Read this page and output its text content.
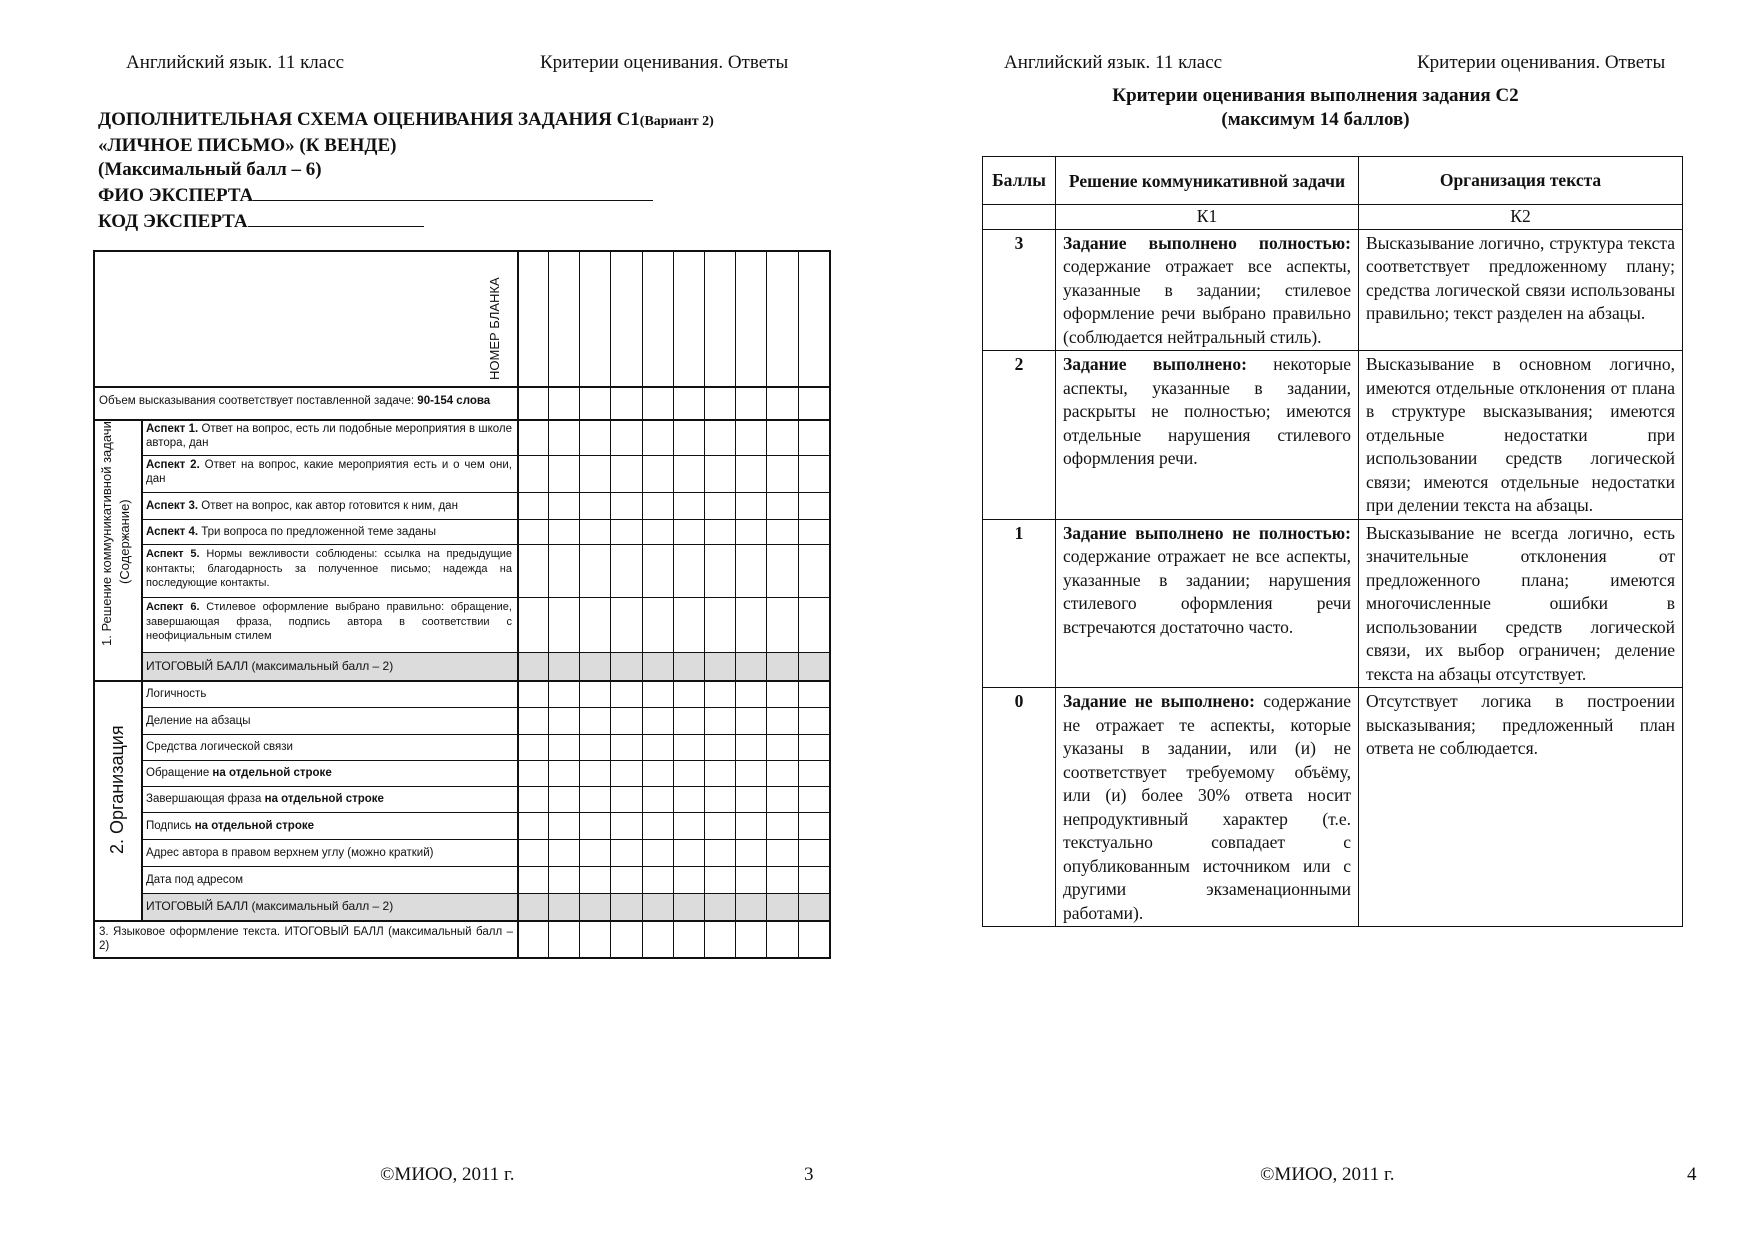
Английский язык. 11 класс	Критерии оценивания. Ответы
ДОПОЛНИТЕЛЬНАЯ СХЕМА ОЦЕНИВАНИЯ ЗАДАНИЯ С1(Вариант 2)
«ЛИЧНОЕ ПИСЬМО» (К ВЕНДЕ)
(Максимальный балл – 6)
ФИО ЭКСПЕРТА
КОД ЭКСПЕРТА
НОМЕР БЛАНКА
Объем высказывания соответствует поставленной задаче: 90-154 слова
1. Решение коммуникативной задачи (Содержание)
Аспект 1. Ответ на вопрос, есть ли подобные мероприятия в школе автора, дан
Аспект 2. Ответ на вопрос, какие мероприятия есть и о чем они, дан
Аспект 3. Ответ на вопрос, как автор готовится к ним, дан
Аспект 4. Три вопроса по предложенной теме заданы
Аспект 5. Нормы вежливости соблюдены: ссылка на предыдущие контакты; благодарность за полученное письмо; надежда на последующие контакты.
Аспект 6. Стилевое оформление выбрано правильно: обращение, завершающая фраза, подпись автора в соответствии с неофициальным стилем
ИТОГОВЫЙ БАЛЛ (максимальный балл – 2)
2. Организация
Логичность
Деление на абзацы
Средства логической связи
Обращение на отдельной строке
Завершающая фраза на отдельной строке
Подпись на отдельной строке
Адрес автора в правом верхнем углу (можно краткий)
Дата под адресом
ИТОГОВЫЙ БАЛЛ (максимальный балл – 2)
3. Языковое оформление текста. ИТОГОВЫЙ БАЛЛ (максимальный балл – 2)
©МИОО, 2011 г.	3
Английский язык. 11 класс	Критерии оценивания. Ответы
Критерии оценивания выполнения задания С2
(максимум 14 баллов)
Баллы	Решение коммуникативной задачи	Организация текста
	К1	К2
3	Задание выполнено полностью: содержание отражает все аспекты, указанные в задании; стилевое оформление речи выбрано правильно (соблюдается нейтральный стиль).	Высказывание логично, структура текста соответствует предложенному плану; средства логической связи использованы правильно; текст разделен на абзацы.
2	Задание выполнено: некоторые аспекты, указанные в задании, раскрыты не полностью; имеются отдельные нарушения стилевого оформления речи.	Высказывание в основном логично, имеются отдельные отклонения от плана в структуре высказывания; имеются отдельные недостатки при использовании средств логической связи; имеются отдельные недостатки при делении текста на абзацы.
1	Задание выполнено не полностью: содержание отражает не все аспекты, указанные в задании; нарушения стилевого оформления речи встречаются достаточно часто.	Высказывание не всегда логично, есть значительные отклонения от предложенного плана; имеются многочисленные ошибки в использовании средств логической связи, их выбор ограничен; деление текста на абзацы отсутствует.
0	Задание не выполнено: содержание не отражает те аспекты, которые указаны в задании, или (и) не соответствует требуемому объёму, или (и) более 30% ответа носит непродуктивный характер (т.е. текстуально совпадает с опубликованным источником или с другими экзаменационными работами).	Отсутствует логика в построении высказывания; предложенный план ответа не соблюдается.
©МИОО, 2011 г.	4
